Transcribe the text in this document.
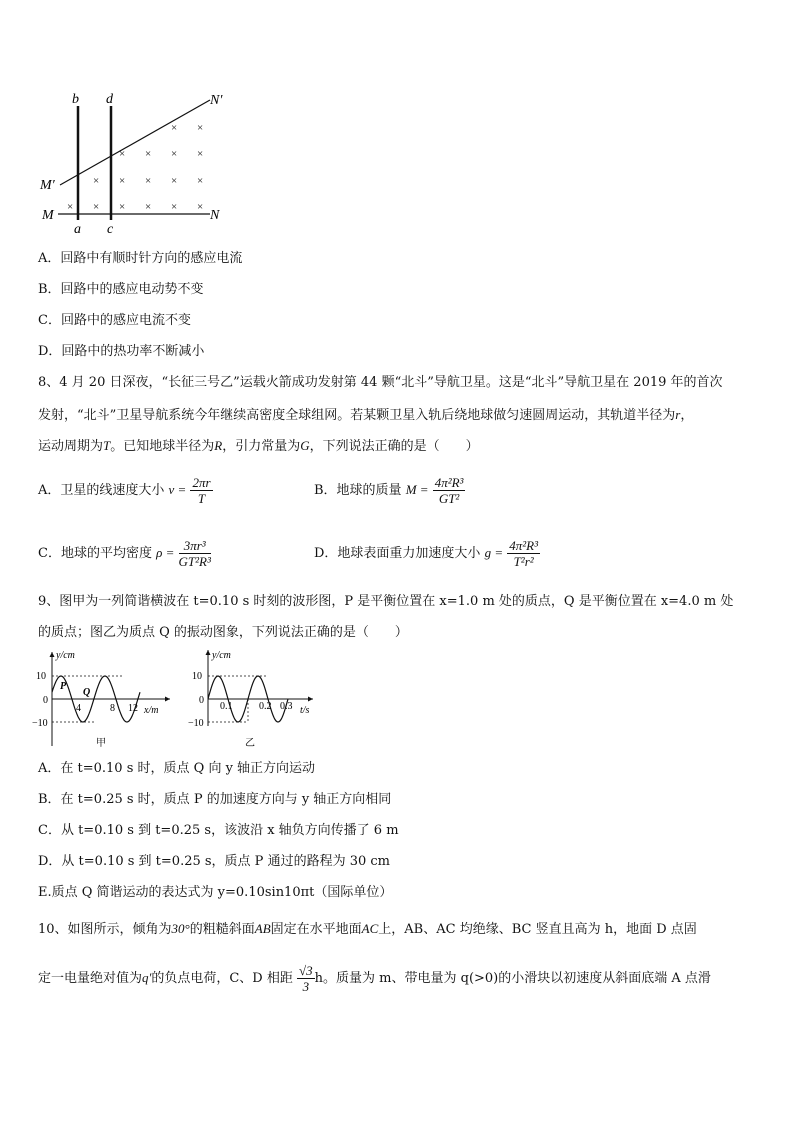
× ×
× × × ×
× × × × ×
× × × × × ×
b d	N′
M′
M	N
a c
A．回路中有顺时针方向的感应电流
B．回路中的感应电动势不变
C．回路中的感应电流不变
D．回路中的热功率不断减小
8、4 月 20 日深夜，“长征三号乙”运载火箭成功发射第 44 颗“北斗”导航卫星。这是“北斗”导航卫星在 2019 年的首次
发射，“北斗”卫星导航系统今年继续高密度全球组网。若某颗卫星入轨后绕地球做匀速圆周运动，其轨道半径为r，
运动周期为T。已知地球半径为R，引力常量为G，下列说法正确的是（　　）
A．卫星的线速度大小 $v = \frac{2\pi r}{T}$	B．地球的质量 $M = \frac{\text{4π²R³}}{\text{GT²}}$
C．地球的平均密度 $\rho = \frac{\text{3πr³}}{\text{GT²R³}}$	D．地球表面重力加速度大小 $g = \frac{\text{4π²R³}}{\text{T²r²}}$
9、图甲为一列简谐横波在 t=0.10 s 时刻的波形图，P 是平衡位置在 x=1.0 m 处的质点，Q 是平衡位置在 x=4.0 m 处
的质点；图乙为质点 Q 的振动图象，下列说法正确的是（　　）
y/cm
x/m
10
0
−10
4	8 12
P
Q
甲
y/cm
t/s
10
0
−10
0.1	0.2 0.3
乙
A．在 t=0.10 s 时，质点 Q 向 y 轴正方向运动
B．在 t=0.25 s 时，质点 P 的加速度方向与 y 轴正方向相同
C．从 t=0.10 s 到 t=0.25 s，该波沿 x 轴负方向传播了 6 m
D．从 t=0.10 s 到 t=0.25 s，质点 P 通过的路程为 30 cm
E.质点 Q 简谐运动的表达式为 y=0.10sin10πt（国际单位）
10、如图所示，倾角为30°的粗糙斜面AB固定在水平地面AC上，AB、AC 均绝缘、BC 竖直且高为 h，地面 D 点固
定一电量绝对值为q′的负点电荷，C、D 相距 $\frac{√3}{3}$ h。质量为 m、带电量为 q(>0)的小滑块以初速度从斜面底端 A 点滑
